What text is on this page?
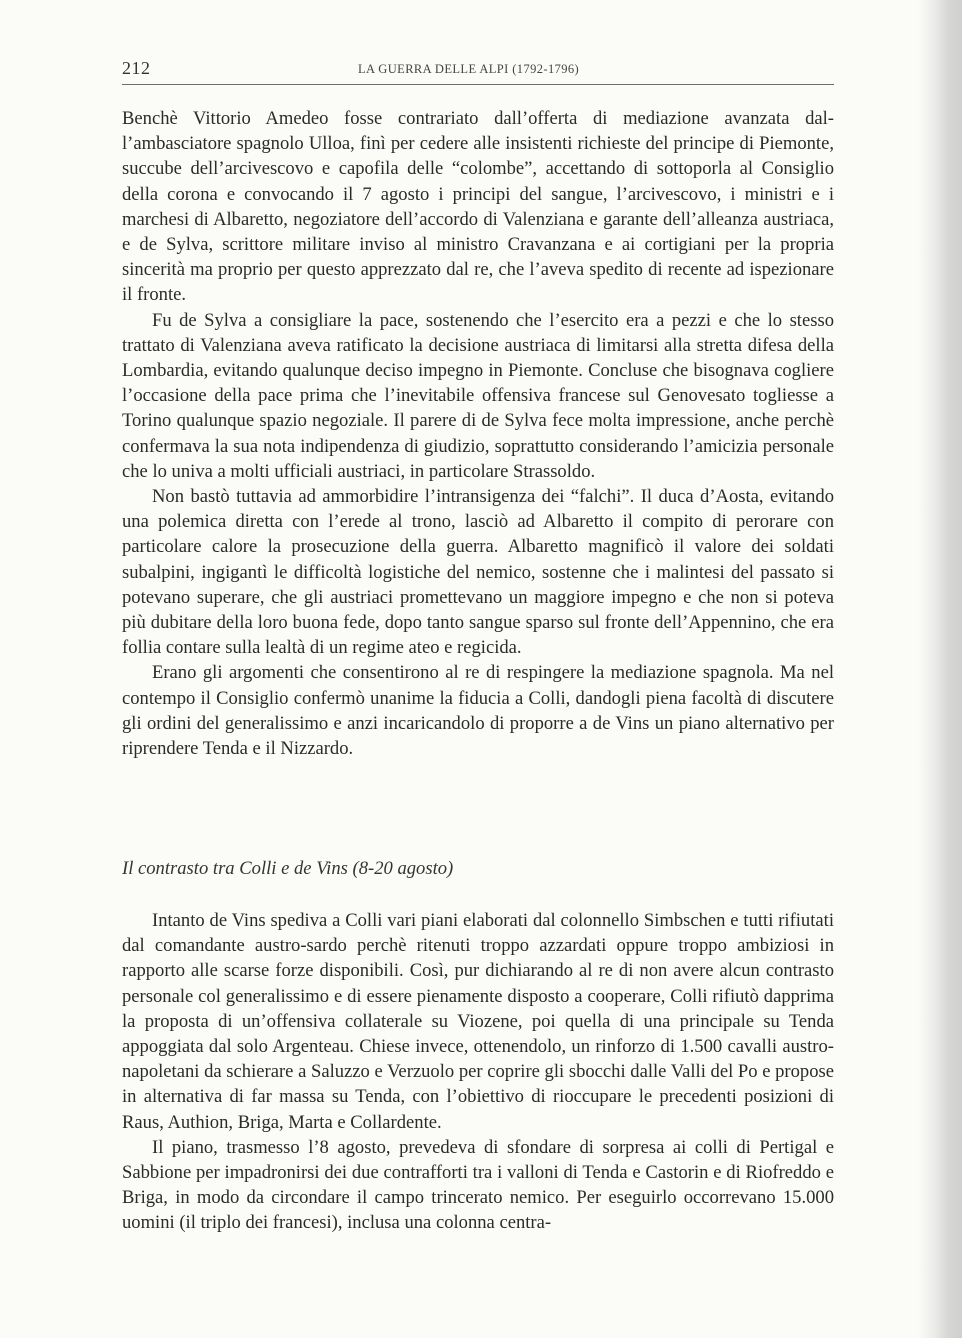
212	LA GUERRA DELLE ALPI (1792-1796)

Benchè Vittorio Amedeo fosse contrariato dall’offerta di mediazione avanzata dall’ambasciatore spagnolo Ulloa, finì per cedere alle insistenti richieste del principe di Piemonte, succube dell’arcivescovo e capofila delle “colombe”, accettando di sottoporla al Consiglio della corona e convocando il 7 agosto i principi del sangue, l’arcivescovo, i ministri e i marchesi di Albaretto, negoziatore dell’accordo di Valenziana e garante dell’alleanza austriaca, e de Sylva, scrittore militare inviso al ministro Cravanzana e ai cortigiani per la propria sincerità ma proprio per questo apprezzato dal re, che l’aveva spedito di recente ad ispezionare il fronte.

Fu de Sylva a consigliare la pace, sostenendo che l’esercito era a pezzi e che lo stesso trattato di Valenziana aveva ratificato la decisione austriaca di limitarsi alla stretta difesa della Lombardia, evitando qualunque deciso impegno in Piemonte. Concluse che bisognava cogliere l’occasione della pace prima che l’inevitabile offensiva francese sul Genovesato togliesse a Torino qualunque spazio negoziale. Il parere di de Sylva fece molta impressione, anche perchè confermava la sua nota indipendenza di giudizio, soprattutto considerando l’amicizia personale che lo univa a molti ufficiali austriaci, in particolare Strassoldo.

Non bastò tuttavia ad ammorbidire l’intransigenza dei “falchi”. Il duca d’Aosta, evitando una polemica diretta con l’erede al trono, lasciò ad Albaretto il compito di perorare con particolare calore la prosecuzione della guerra. Albaretto magnificò il valore dei soldati subalpini, ingigantì le difficoltà logistiche del nemico, sostenne che i malintesi del passato si potevano superare, che gli austriaci promettevano un maggiore impegno e che non si poteva più dubitare della loro buona fede, dopo tanto sangue sparso sul fronte dell’Appennino, che era follia contare sulla lealtà di un regime ateo e regicida.

Erano gli argomenti che consentirono al re di respingere la mediazione spagnola. Ma nel contempo il Consiglio confermò unanime la fiducia a Colli, dandogli piena facoltà di discutere gli ordini del generalissimo e anzi incaricandolo di proporre a de Vins un piano alternativo per riprendere Tenda e il Nizzardo.

Il contrasto tra Colli e de Vins (8-20 agosto)

Intanto de Vins spediva a Colli vari piani elaborati dal colonnello Simbschen e tutti rifiutati dal comandante austro-sardo perchè ritenuti troppo azzardati oppure troppo ambiziosi in rapporto alle scarse forze disponibili. Così, pur dichiarando al re di non avere alcun contrasto personale col generalissimo e di essere pienamente disposto a cooperare, Colli rifiutò dapprima la proposta di un’offensiva collaterale su Viozene, poi quella di una principale su Tenda appoggiata dal solo Argenteau. Chiese invece, ottenendolo, un rinforzo di 1.500 cavalli austro-napoletani da schierare a Saluzzo e Verzuolo per coprire gli sbocchi dalle Valli del Po e propose in alternativa di far massa su Tenda, con l’obiettivo di rioccupare le precedenti posizioni di Raus, Authion, Briga, Marta e Collardente.

Il piano, trasmesso l’8 agosto, prevedeva di sfondare di sorpresa ai colli di Pertigal e Sabbione per impadronirsi dei due contrafforti tra i valloni di Tenda e Castorin e di Riofreddo e Briga, in modo da circondare il campo trincerato nemico. Per eseguirlo occorrevano 15.000 uomini (il triplo dei francesi), inclusa una colonna centra-
